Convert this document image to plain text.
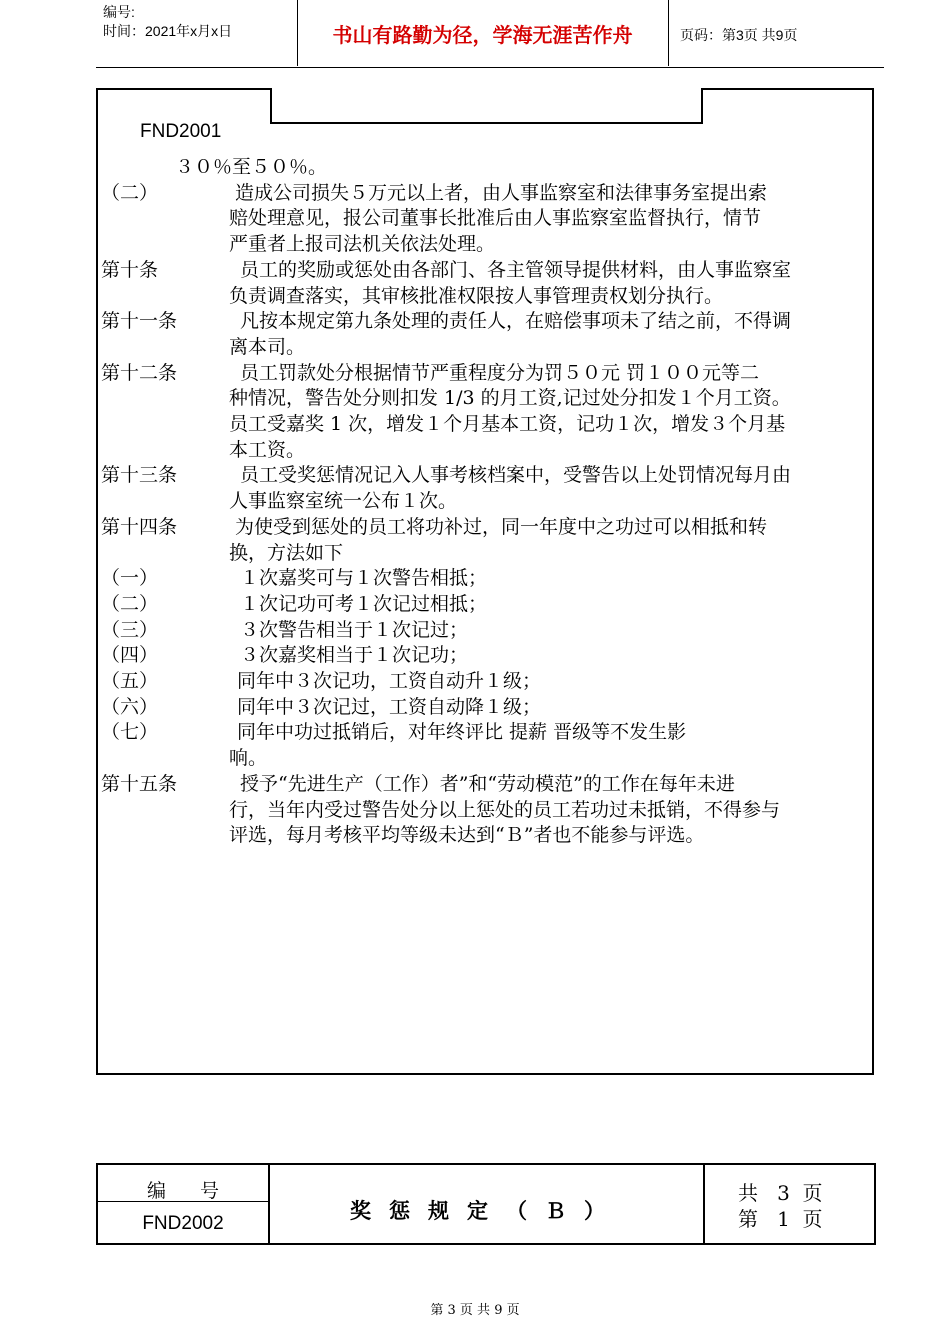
编号:
时间：2021年x月x日	书山有路勤为径，学海无涯苦作舟	页码：第3页 共9页
FND2001
３０％至５０％。
（二）	造成公司损失５万元以上者，由人事监察室和法律事务室提出索
赔处理意见，报公司董事长批准后由人事监察室监督执行，情节
严重者上报司法机关依法处理。
第十条	员工的奖励或惩处由各部门、各主管领导提供材料，由人事监察室
负责调查落实，其审核批准权限按人事管理责权划分执行。
第十一条	凡按本规定第九条处理的责任人，在赔偿事项未了结之前，不得调
离本司。
第十二条	员工罚款处分根据情节严重程度分为罚５０元 罚１００元等二
种情况，警告处分则扣发 1/3 的月工资,记过处分扣发１个月工资。
员工受嘉奖 1 次，增发１个月基本工资，记功１次，增发３个月基
本工资。
第十三条	员工受奖惩情况记入人事考核档案中，受警告以上处罚情况每月由
人事监察室统一公布１次。
第十四条	为使受到惩处的员工将功补过，同一年度中之功过可以相抵和转
换，方法如下
（一）	１次嘉奖可与１次警告相抵；
（二）	１次记功可考１次记过相抵；
（三）	３次警告相当于１次记过；
（四）	３次嘉奖相当于１次记功；
（五）	同年中３次记功，工资自动升１级；
（六）	同年中３次记过，工资自动降１级；
（七）	同年中功过抵销后，对年终评比 提薪 晋级等不发生影
响。
第十五条	授予“先进生产（工作）者”和“劳动模范”的工作在每年未进
行，当年内受过警告处分以上惩处的员工若功过未抵销，不得参与
评选，每月考核平均等级未达到“Ｂ”者也不能参与评选。
编号
FND2002
奖惩规定（Ｂ）
共   3  页
第   1  页
第 3 页 共 9 页
